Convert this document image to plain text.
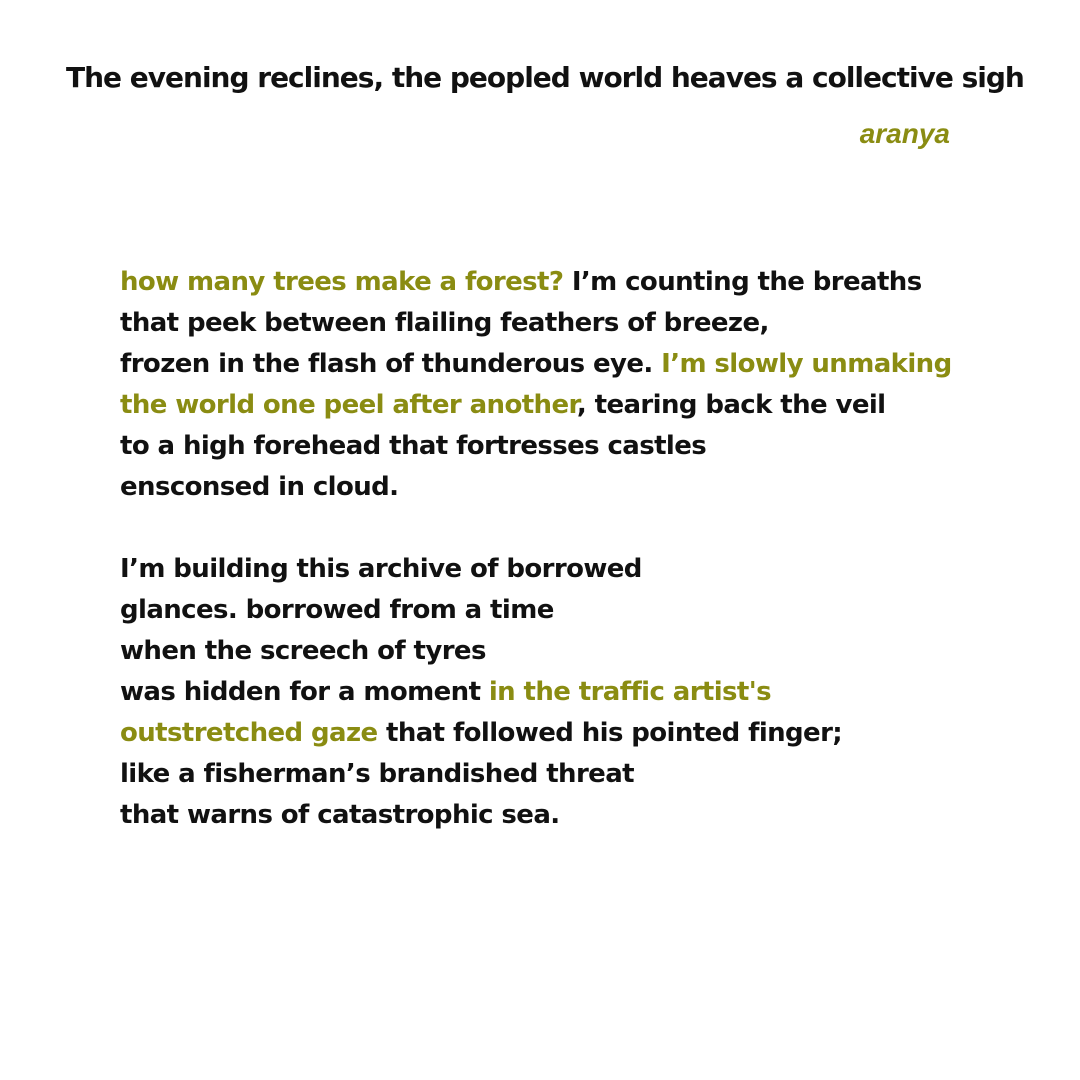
The evening reclines, the peopled world heaves a collective sigh
aranya
how many trees make a forest? I’m counting the breaths
that peek between flailing feathers of breeze,
frozen in the flash of thunderous eye. I’m slowly unmaking
the world one peel after another, tearing back the veil
to a high forehead that fortresses castles
ensconsed in cloud.
I’m building this archive of borrowed
glances. borrowed from a time
when the screech of tyres
was hidden for a moment in the traffic artist's
outstretched gaze that followed his pointed finger;
like a fisherman’s brandished threat
that warns of catastrophic sea.
